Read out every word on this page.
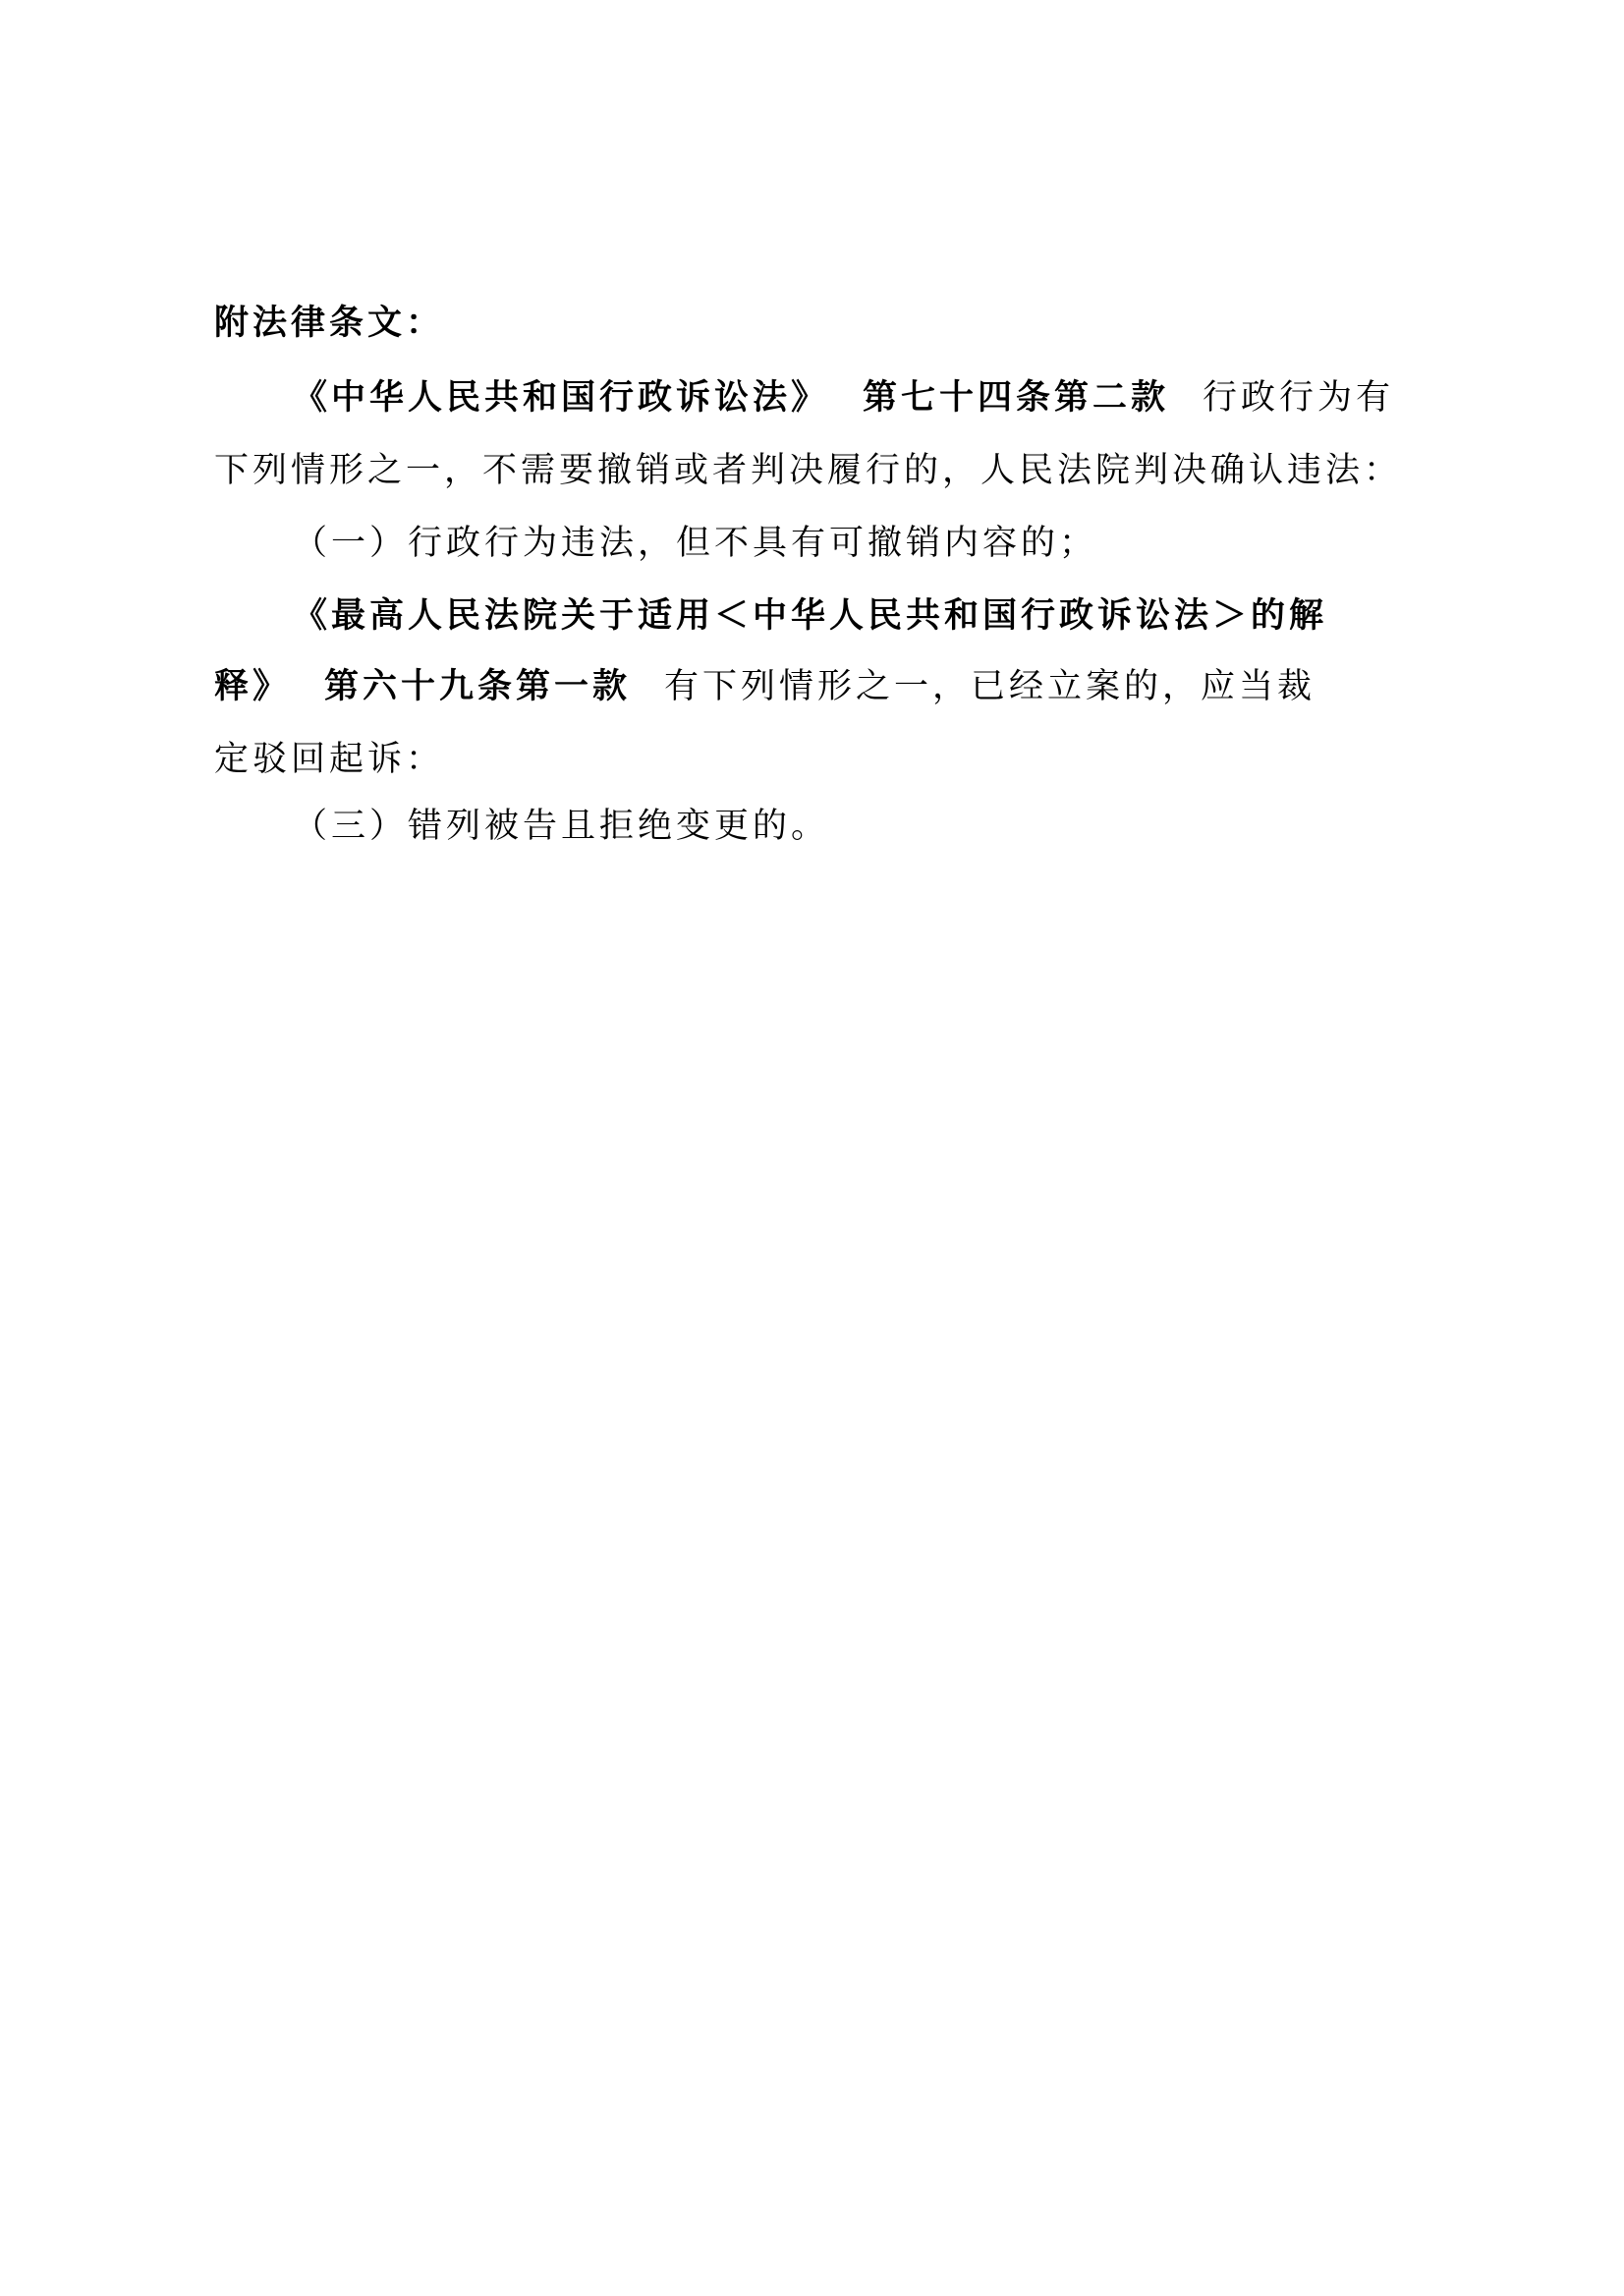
附法律条文：
《中华人民共和国行政诉讼法》 第七十四条第二款 行政行为有
下列情形之一，不需要撤销或者判决履行的，人民法院判决确认违法：
（一）行政行为违法，但不具有可撤销内容的；
《最高人民法院关于适用＜中华人民共和国行政诉讼法＞的解
释》 第六十九条第一款 有下列情形之一，已经立案的，应当裁
定驳回起诉：
（三）错列被告且拒绝变更的。
